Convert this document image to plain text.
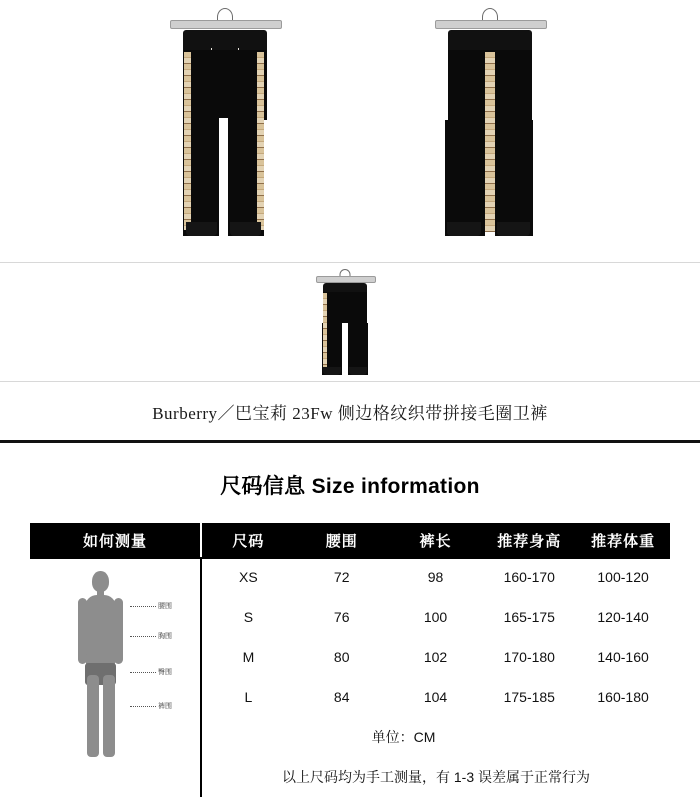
Burberry／巴宝莉 23Fw 侧边格纹织带拼接毛圈卫裤
尺码信息 Size information
如何测量	尺码	腰围	裤长	推荐身高	推荐体重

腰围
胸围
臀围
裤围	XS	72	98	160-170	100-120
	S	76	100	165-175	120-140
	M	80	102	170-180	140-160
	L	84	104	175-185	160-180
	单位：CM				
	以上尺码均为手工测量，有 1-3 误差属于正常行为				
